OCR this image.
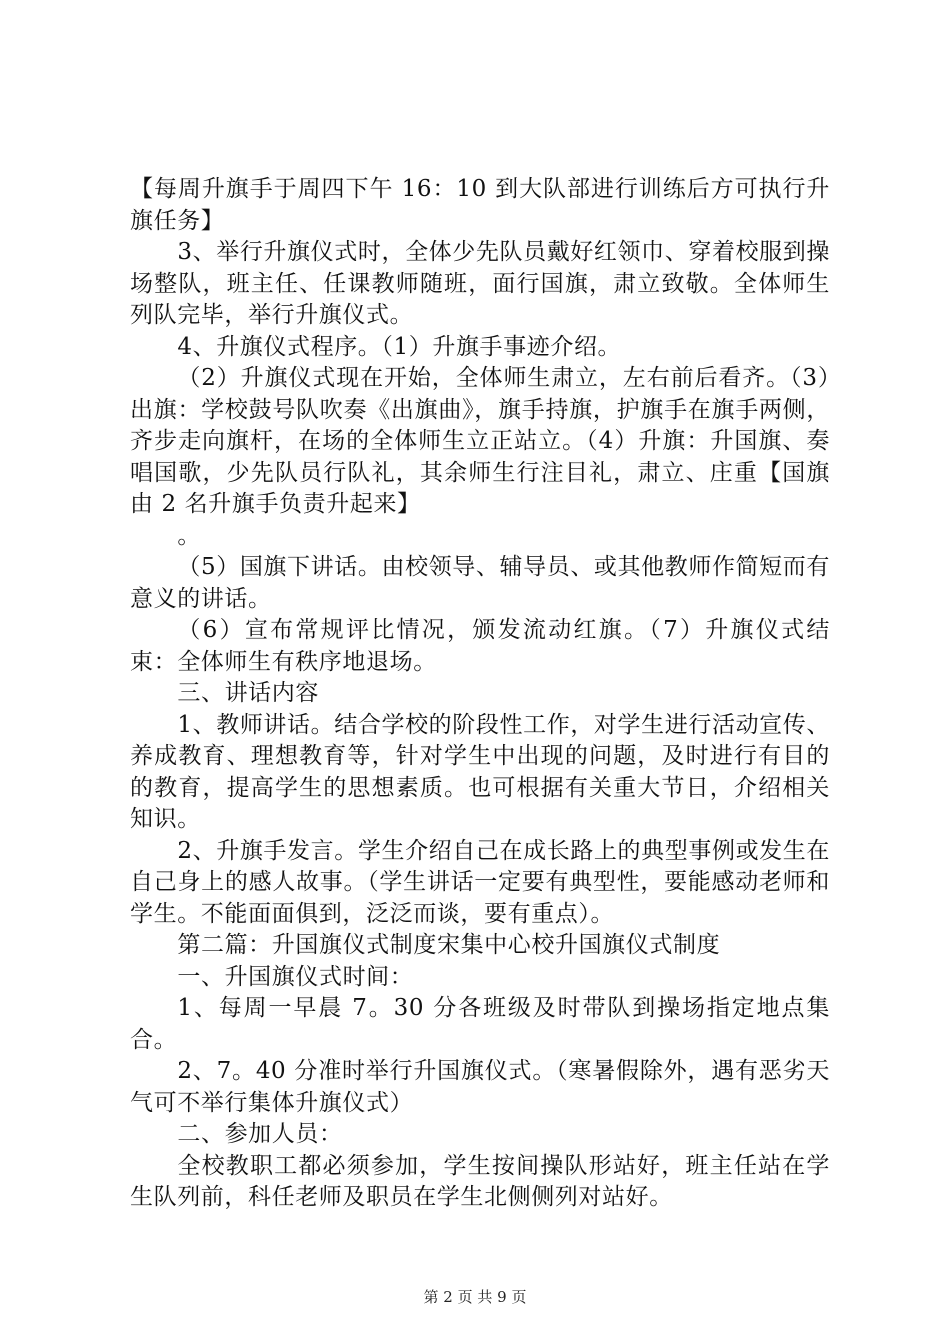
【每周升旗手于周四下午 16：10 到大队部进行训练后方可执行升旗任务】

3、举行升旗仪式时，全体少先队员戴好红领巾、穿着校服到操场整队，班主任、任课教师随班，面行国旗，肃立致敬。全体师生列队完毕，举行升旗仪式。

4、升旗仪式程序。（1）升旗手事迹介绍。

（2）升旗仪式现在开始，全体师生肃立，左右前后看齐。（3）出旗：学校鼓号队吹奏《出旗曲》，旗手持旗，护旗手在旗手两侧，齐步走向旗杆，在场的全体师生立正站立。（4）升旗：升国旗、奏唱国歌，少先队员行队礼，其余师生行注目礼，肃立、庄重【国旗由 2 名升旗手负责升起来】

。

（5）国旗下讲话。由校领导、辅导员、或其他教师作简短而有意义的讲话。

（6）宣布常规评比情况，颁发流动红旗。（7）升旗仪式结束：全体师生有秩序地退场。

三、讲话内容

1、教师讲话。结合学校的阶段性工作，对学生进行活动宣传、养成教育、理想教育等，针对学生中出现的问题，及时进行有目的的教育，提高学生的思想素质。也可根据有关重大节日，介绍相关知识。

2、升旗手发言。学生介绍自己在成长路上的典型事例或发生在自己身上的感人故事。（学生讲话一定要有典型性，要能感动老师和学生。不能面面俱到，泛泛而谈，要有重点）。

第二篇：升国旗仪式制度宋集中心校升国旗仪式制度

一、升国旗仪式时间：

1、每周一早晨 7。30 分各班级及时带队到操场指定地点集合。

2、7。40 分准时举行升国旗仪式。（寒暑假除外，遇有恶劣天气可不举行集体升旗仪式）

二、参加人员：

全校教职工都必须参加，学生按间操队形站好，班主任站在学生队列前，科任老师及职员在学生北侧侧列对站好。

第 2 页 共 9 页
